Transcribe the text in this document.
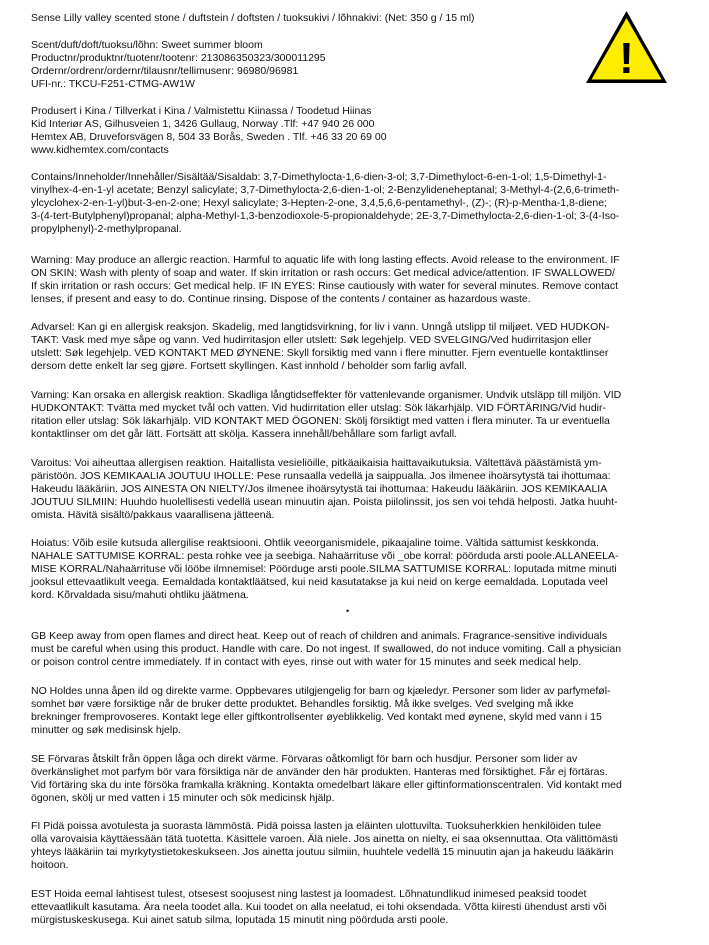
!

Sense Lilly valley scented stone / duftstein / doftsten / tuoksukivi / lõhnakivi: (Net: 350 g / 15 ml)

Scent/duft/doft/tuoksu/lõhn: Sweet summer bloom

Productnr/produktnr/tuotenr/tootenr: 213086350323/300011295

Ordernr/ordrenr/ordernr/tilausnr/tellimusenr: 96980/96981

UFI-nr.: TKCU-F251-CTMG-AW1W

Produsert i Kina / Tillverkat i Kina / Valmistettu Kiinassa / Toodetud Hiinas

Kid Interiør AS, Gilhusveien 1, 3426 Gullaug, Norway .Tlf: +47 940 26 000

Hemtex AB, Druveforsvägen 8, 504 33 Borås, Sweden . Tlf. +46 33 20 69 00

www.kidhemtex.com/contacts

Contains/Inneholder/Innehåller/Sisältää/Sisaldab: 3,7-Dimethylocta-1,6-dien-3-ol; 3,7-Dimethyloct-6-en-1-ol; 1,5-Dimethyl-1-
vinylhex-4-en-1-yl acetate; Benzyl salicylate; 3,7-Dimethylocta-2,6-dien-1-ol; 2-Benzylideneheptanal; 3-Methyl-4-(2,6,6-trimeth-
ylcyclohex-2-en-1-yl)but-3-en-2-one; Hexyl salicylate; 3-Hepten-2-one, 3,4,5,6,6-pentamethyl-, (Z)-; (R)-p-Mentha-1,8-diene;
3-(4-tert-Butylphenyl)propanal; alpha-Methyl-1,3-benzodioxole-5-propionaldehyde; 2E-3,7-Dimethylocta-2,6-dien-1-ol; 3-(4-Iso-
propylphenyl)-2-methylpropanal.

Warning: May produce an allergic reaction. Harmful to aquatic life with long lasting effects. Avoid release to the environment. IF
ON SKIN: Wash with plenty of soap and water. If skin irritation or rash occurs: Get medical advice/attention. IF SWALLOWED/
If skin irritation or rash occurs: Get medical help. IF IN EYES: Rinse cautiously with water for several minutes. Remove contact
lenses, if present and easy to do. Continue rinsing. Dispose of the contents / container as hazardous waste.

Advarsel: Kan gi en allergisk reaksjon. Skadelig, med langtidsvirkning, for liv i vann. Unngå utslipp til miljøet. VED HUDKON-
TAKT: Vask med mye såpe og vann. Ved hudirritasjon eller utslett: Søk legehjelp. VED SVELGING/Ved hudirritasjon eller
utslett: Søk legehjelp. VED KONTAKT MED ØYNENE: Skyll forsiktig med vann i flere minutter. Fjern eventuelle kontaktlinser
dersom dette enkelt lar seg gjøre. Fortsett skyllingen. Kast innhold / beholder som farlig avfall.

Varning: Kan orsaka en allergisk reaktion. Skadliga långtidseffekter för vattenlevande organismer. Undvik utsläpp till miljön. VID
HUDKONTAKT: Tvätta med mycket tvål och vatten. Vid hudirritation eller utslag: Sök läkarhjälp. VID FÖRTÄRING/Vid hudir-
ritation eller utslag: Sök läkarhjälp. VID KONTAKT MED ÖGONEN: Skölj försiktigt med vatten i flera minuter. Ta ur eventuella
kontaktlinser om det går lätt. Fortsätt att skölja. Kassera innehåll/behållare som farligt avfall.

Varoitus: Voi aiheuttaa allergisen reaktion. Haitallista vesieliöille, pitkäaikaisia haittavaikutuksia. Vältettävä päästämistä ym-
päristöön. JOS KEMIKAALIA JOUTUU IHOLLE: Pese runsaalla vedellä ja saippualla. Jos ilmenee ihoärsytystä tai ihottumaa:
Hakeudu lääkäriin. JOS AINESTA ON NIELTY/Jos ilmenee ihoärsytystä tai ihottumaa: Hakeudu lääkäriin. JOS KEMIKAALIA
JOUTUU SILMIIN: Huuhdo huolellisesti vedellä usean minuutin ajan. Poista piilolinssit, jos sen voi tehdä helposti. Jatka huuht-
omista. Hävitä sisältö/pakkaus vaarallisena jätteenä.

Hoiatus: Võib esile kutsuda allergilise reaktsiooni. Ohtlik veeorganismidele, pikaajaline toime. Vältida sattumist keskkonda.
NAHALE SATTUMISE KORRAL: pesta rohke vee ja seebiga. Nahaärrituse või _obe korral: pöörduda arsti poole.ALLANEELA-
MISE KORRAL/Nahaärrituse või lööbe ilmnemisel: Pöörduge arsti poole.SILMA SATTUMISE KORRAL: loputada mitme minuti
jooksul ettevaatlikult veega. Eemaldada kontaktläätsed, kui neid kasutatakse ja kui neid on kerge eemaldada. Loputada veel
kord. Kõrvaldada sisu/mahuti ohtliku jäätmena.

GB Keep away from open flames and direct heat. Keep out of reach of children and animals. Fragrance-sensitive individuals
must be careful when using this product. Handle with care. Do not ingest. If swallowed, do not induce vomiting. Call a physician
or poison control centre immediately. If in contact with eyes, rinse out with water for 15 minutes and seek medical help.

NO Holdes unna åpen ild og direkte varme. Oppbevares utilgjengelig for barn og kjæledyr. Personer som lider av parfymeføl-
somhet bør være forsiktige når de bruker dette produktet. Behandles forsiktig. Må ikke svelges. Ved svelging må ikke
brekninger fremprovoseres. Kontakt lege eller giftkontrollsenter øyeblikkelig. Ved kontakt med øynene, skyld med vann i 15
minutter og søk medisinsk hjelp.

SE Förvaras åtskilt från öppen låga och direkt värme. Förvaras oåtkomligt för barn och husdjur. Personer som lider av
överkänslighet mot parfym bör vara försiktiga när de använder den här produkten. Hanteras med försiktighet. Får ej förtäras.
Vid förtäring ska du inte försöka framkalla kräkning. Kontakta omedelbart läkare eller giftinformationscentralen. Vid kontakt med
ögonen, skölj ur med vatten i 15 minuter och sök medicinsk hjälp.

FI Pidä poissa avotulesta ja suorasta lämmöstä. Pidä poissa lasten ja eläinten ulottuvilta. Tuoksuherkkien henkilöiden tulee
olla varovaisia käyttäessään tätä tuotetta. Käsittele varoen. Älä niele. Jos ainetta on nielty, ei saa oksennuttaa. Ota välittömästi
yhteys lääkäriin tai myrkytystietokeskukseen. Jos ainetta joutuu silmiin, huuhtele vedellä 15 minuutin ajan ja hakeudu lääkärin
hoitoon.

EST Hoida eemal lahtisest tulest, otsesest soojusest ning lastest ja loomadest. Lõhnatundlikud inimesed peaksid toodet
ettevaatlikult kasutama. Ära neela toodet alla. Kui toodet on alla neelatud, ei tohi oksendada. Võtta kiiresti ühendust arsti või
mürgistuskeskusega. Kui ainet satub silma, loputada 15 minutit ning pöörduda arsti poole.

•
